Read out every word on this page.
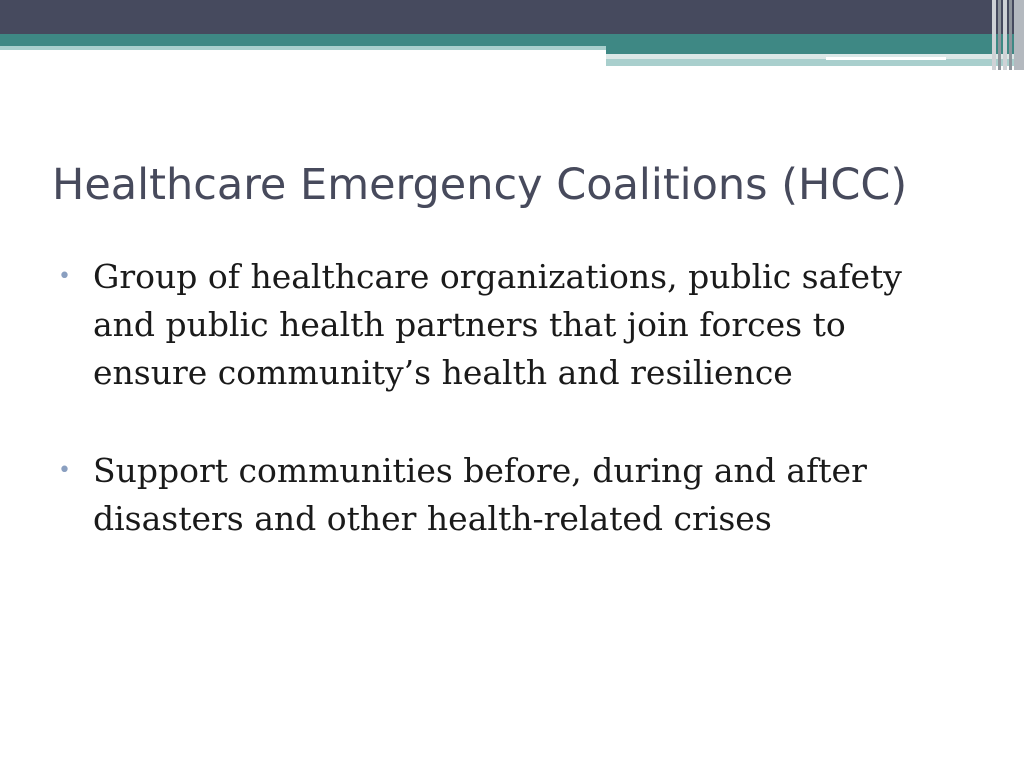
Healthcare Emergency Coalitions (HCC)
• Group of healthcare organizations, public safety
and public health partners that join forces to
ensure community’s health and resilience
• Support communities before, during and after
disasters and other health-related crises
